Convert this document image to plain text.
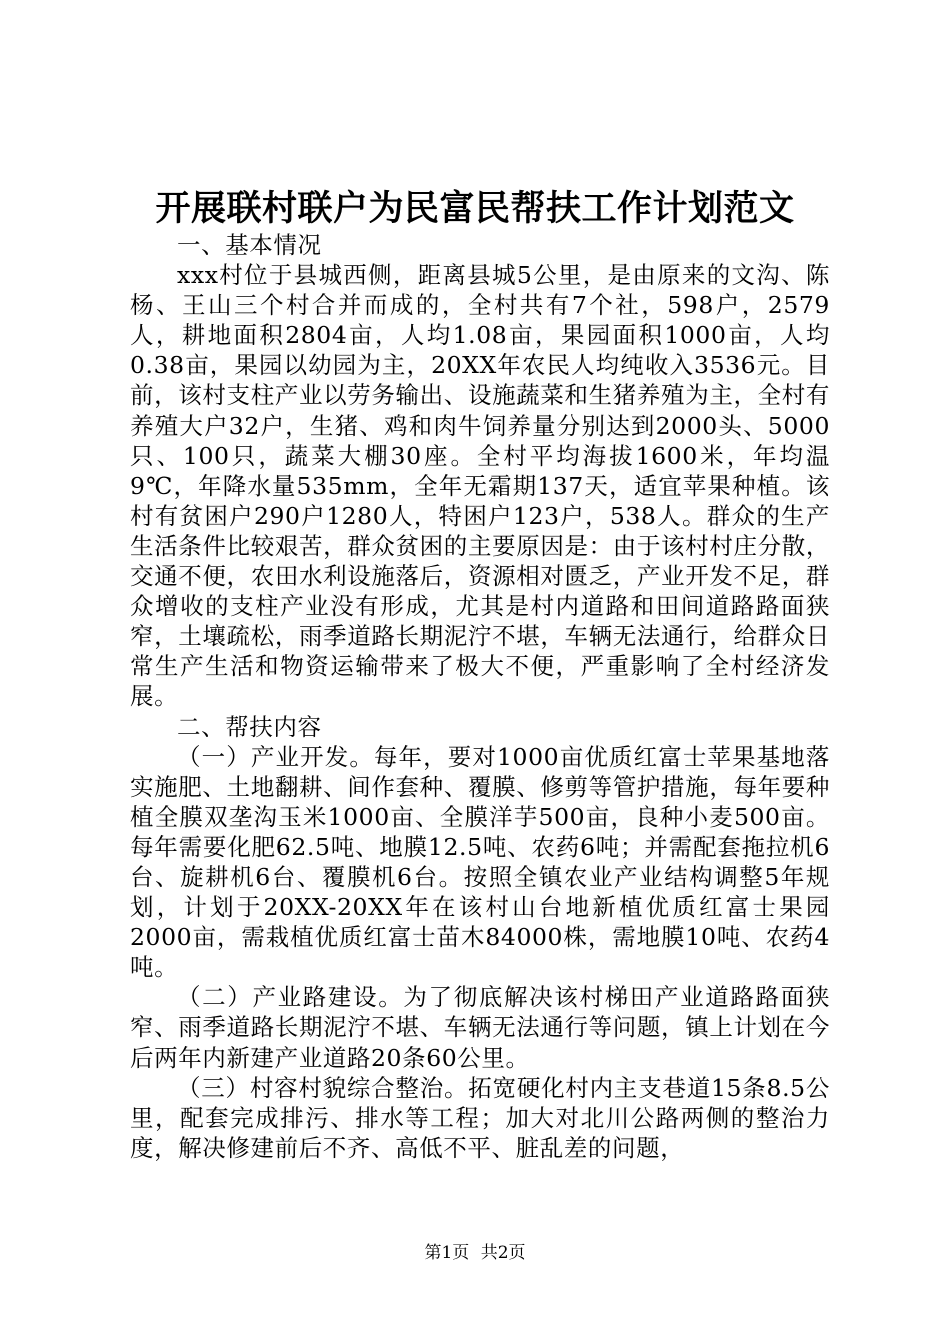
开展联村联户为民富民帮扶工作计划范文

一、基本情况

xxx村位于县城西侧，距离县城5公里，是由原来的文沟、陈杨、王山三个村合并而成的，全村共有7个社，598户，2579人，耕地面积2804亩，人均1.08亩，果园面积1000亩，人均0.38亩，果园以幼园为主，20XX年农民人均纯收入3536元。目前，该村支柱产业以劳务输出、设施蔬菜和生猪养殖为主，全村有养殖大户32户，生猪、鸡和肉牛饲养量分别达到2000头、5000只、100只，蔬菜大棚30座。全村平均海拔1600米，年均温9℃，年降水量535mm，全年无霜期137天，适宜苹果种植。该村有贫困户290户1280人，特困户123户，538人。群众的生产生活条件比较艰苦，群众贫困的主要原因是：由于该村村庄分散，交通不便，农田水利设施落后，资源相对匮乏，产业开发不足，群众增收的支柱产业没有形成，尤其是村内道路和田间道路路面狭窄，土壤疏松，雨季道路长期泥泞不堪，车辆无法通行，给群众日常生产生活和物资运输带来了极大不便，严重影响了全村经济发展。

二、帮扶内容

（一）产业开发。每年，要对1000亩优质红富士苹果基地落实施肥、土地翻耕、间作套种、覆膜、修剪等管护措施，每年要种植全膜双垄沟玉米1000亩、全膜洋芋500亩，良种小麦500亩。每年需要化肥62.5吨、地膜12.5吨、农药6吨；并需配套拖拉机6台、旋耕机6台、覆膜机6台。按照全镇农业产业结构调整5年规划，计划于20XX-20XX年在该村山台地新植优质红富士果园2000亩，需栽植优质红富士苗木84000株，需地膜10吨、农药4吨。

（二）产业路建设。为了彻底解决该村梯田产业道路路面狭窄、雨季道路长期泥泞不堪、车辆无法通行等问题，镇上计划在今后两年内新建产业道路20条60公里。

（三）村容村貌综合整治。拓宽硬化村内主支巷道15条8.5公里，配套完成排污、排水等工程；加大对北川公路两侧的整治力度，解决修建前后不齐、高低不平、脏乱差的问题，

第1页 共2页
